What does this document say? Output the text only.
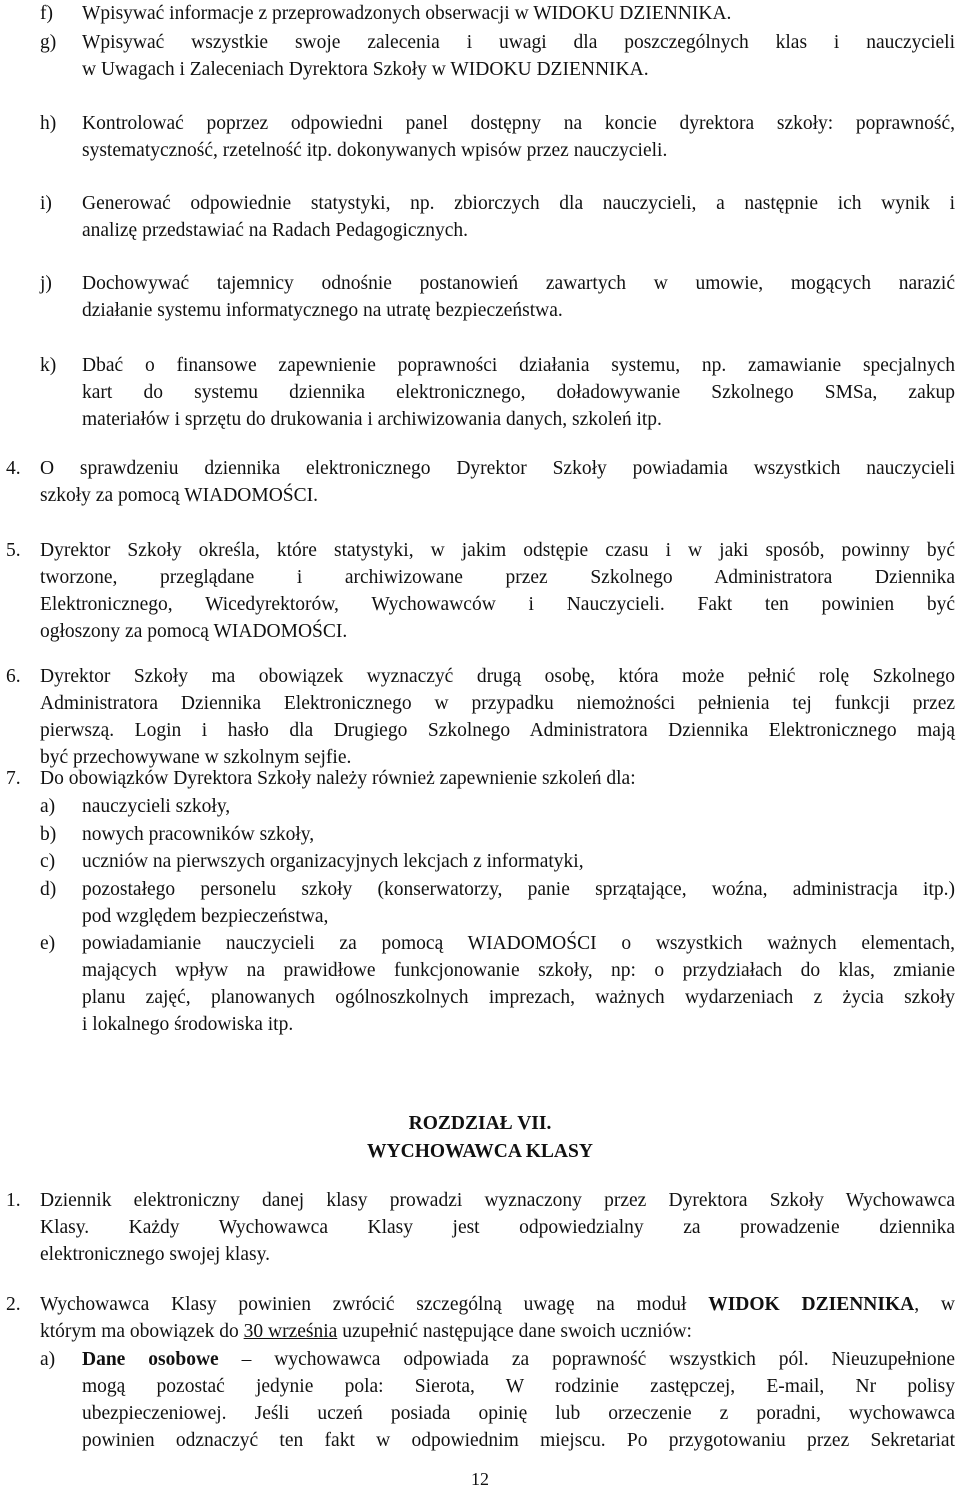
f) Wpisywać informacje z przeprowadzonych obserwacji w WIDOKU DZIENNIKA.
g) Wpisywać wszystkie swoje zalecenia i uwagi dla poszczególnych klas i nauczycieli
w Uwagach i Zaleceniach Dyrektora Szkoły w WIDOKU DZIENNIKA.
h) Kontrolować poprzez odpowiedni panel dostępny na koncie dyrektora szkoły: poprawność,
systematyczność, rzetelność itp. dokonywanych wpisów przez nauczycieli.
i) Generować odpowiednie statystyki, np. zbiorczych dla nauczycieli, a następnie ich wynik i
analizę przedstawiać na Radach Pedagogicznych.
j) Dochowywać tajemnicy odnośnie postanowień zawartych w umowie, mogących narazić
działanie systemu informatycznego na utratę bezpieczeństwa.
k) Dbać o finansowe zapewnienie poprawności działania systemu, np. zamawianie specjalnych
kart do systemu dziennika elektronicznego, doładowywanie Szkolnego SMSa, zakup
materiałów i sprzętu do drukowania i archiwizowania danych, szkoleń itp.
4. O sprawdzeniu dziennika elektronicznego Dyrektor Szkoły powiadamia wszystkich nauczycieli
szkoły za pomocą WIADOMOŚCI.
5. Dyrektor Szkoły określa, które statystyki, w jakim odstępie czasu i w jaki sposób, powinny być
tworzone, przeglądane i archiwizowane przez Szkolnego Administratora Dziennika
Elektronicznego, Wicedyrektorów, Wychowawców i Nauczycieli. Fakt ten powinien być
ogłoszony za pomocą WIADOMOŚCI.
6. Dyrektor Szkoły ma obowiązek wyznaczyć drugą osobę, która może pełnić rolę Szkolnego
Administratora Dziennika Elektronicznego w przypadku niemożności pełnienia tej funkcji przez
pierwszą. Login i hasło dla Drugiego Szkolnego Administratora Dziennika Elektronicznego mają
być przechowywane w szkolnym sejfie.
7. Do obowiązków Dyrektora Szkoły należy również zapewnienie szkoleń dla:
a) nauczycieli szkoły,
b) nowych pracowników szkoły,
c) uczniów na pierwszych organizacyjnych lekcjach z informatyki,
d) pozostałego personelu szkoły (konserwatorzy, panie sprzątające, woźna, administracja itp.)
pod względem bezpieczeństwa,
e) powiadamianie nauczycieli za pomocą WIADOMOŚCI o wszystkich ważnych elementach,
mających wpływ na prawidłowe funkcjonowanie szkoły, np: o przydziałach do klas, zmianie
planu zajęć, planowanych ogólnoszkolnych imprezach, ważnych wydarzeniach z życia szkoły
i lokalnego środowiska itp.
ROZDZIAŁ VII.
WYCHOWAWCA KLASY
1. Dziennik elektroniczny danej klasy prowadzi wyznaczony przez Dyrektora Szkoły Wychowawca
Klasy. Każdy Wychowawca Klasy jest odpowiedzialny za prowadzenie dziennika
elektronicznego swojej klasy.
2. Wychowawca Klasy powinien zwrócić szczególną uwagę na moduł WIDOK DZIENNIKA, w
którym ma obowiązek do 30 września uzupełnić następujące dane swoich uczniów:
a) Dane osobowe – wychowawca odpowiada za poprawność wszystkich pól. Nieuzupełnione
mogą pozostać jedynie pola: Sierota, W rodzinie zastępczej, E-mail, Nr polisy
ubezpieczeniowej. Jeśli uczeń posiada opinię lub orzeczenie z poradni, wychowawca
powinien odznaczyć ten fakt w odpowiednim miejscu. Po przygotowaniu przez Sekretariat
12
